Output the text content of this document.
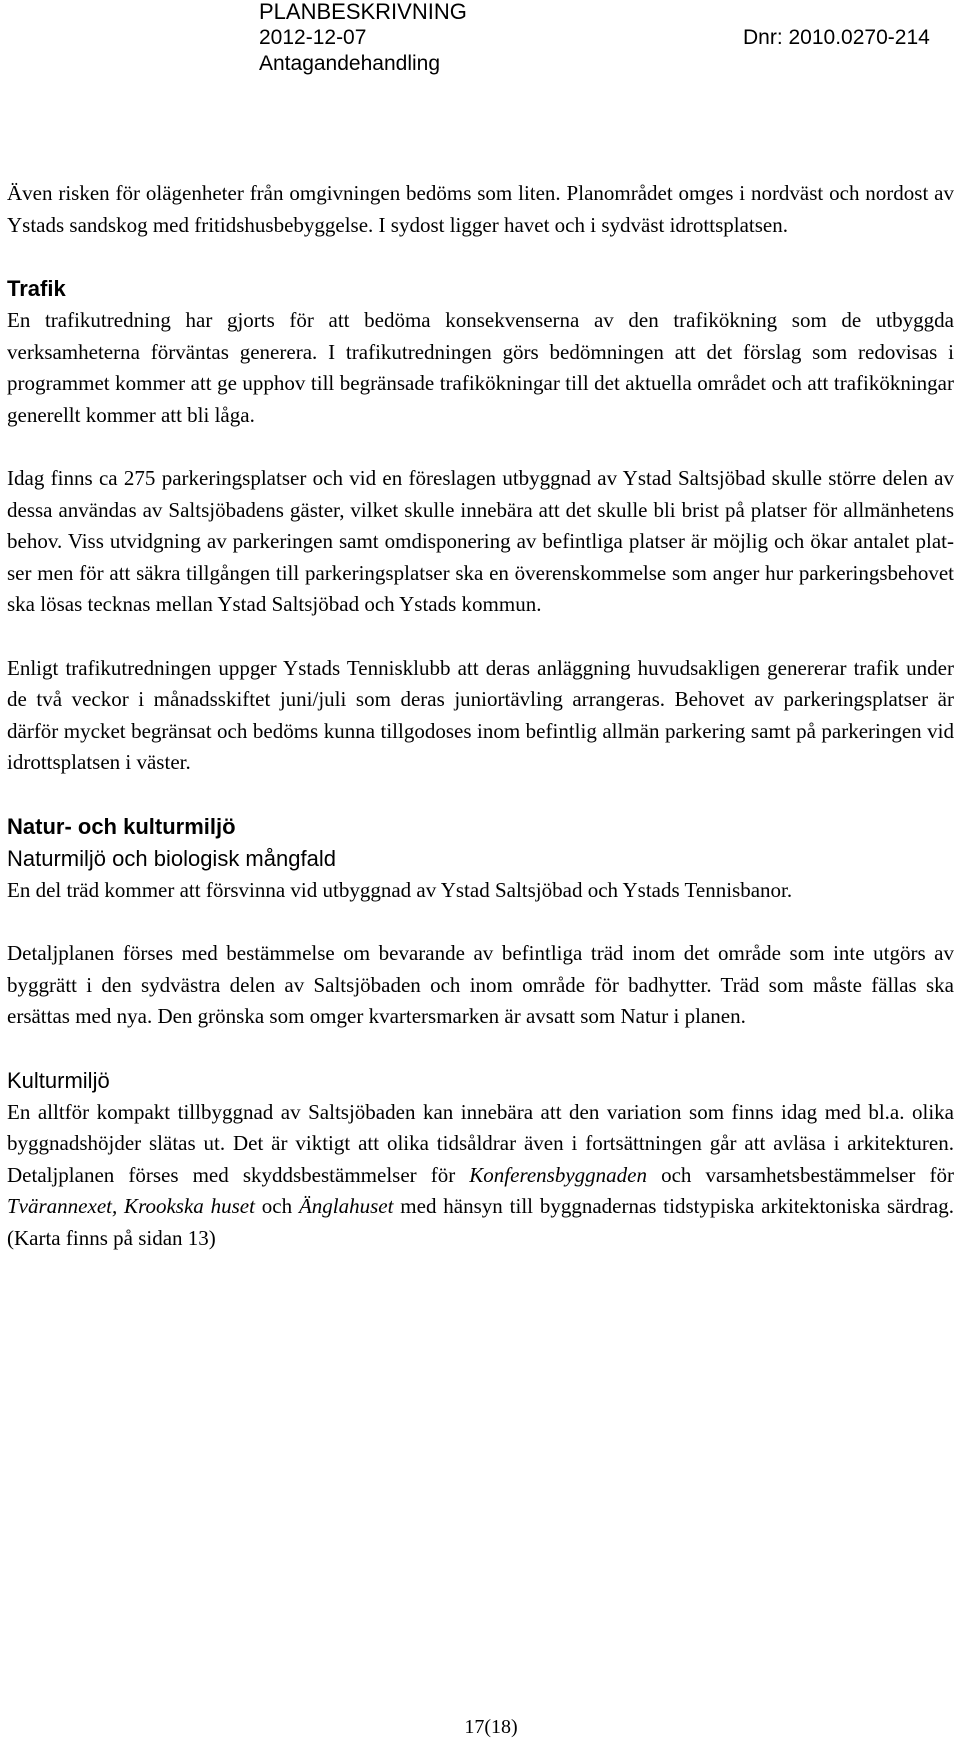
PLANBESKRIVNING
2012-12-07	Dnr: 2010.0270-214
Antagandehandling

Även risken för olägenheter från omgivningen bedöms som liten. Planområdet omges i nordväst och nordost av Ystads sandskog med fritidshusbebyggelse. I sydost ligger havet och i sydväst idrottsplatsen.

Trafik

En trafikutredning har gjorts för att bedöma konsekvenserna av den trafikökning som de utbyggda verksamheterna förväntas generera. I trafikutredningen görs bedömningen att det förslag som redovisas i programmet kommer att ge upphov till begränsade trafikökningar till det aktuella området och att trafikökningar generellt kommer att bli låga.

Idag finns ca 275 parkeringsplatser och vid en föreslagen utbyggnad av Ystad Saltsjöbad skulle större delen av dessa användas av Saltsjöbadens gäster, vilket skulle innebära att det skulle bli brist på platser för allmänhetens behov. Viss utvidgning av parkeringen samt omdisponering av befintliga platser är möjlig och ökar antalet platser men för att säkra tillgången till parkeringsplatser ska en överenskommelse som anger hur parkeringsbehovet ska lösas tecknas mellan Ystad Saltsjöbad och Ystads kommun.

Enligt trafikutredningen uppger Ystads Tennisklubb att deras anläggning huvudsakligen genererar trafik under de två veckor i månadsskiftet juni/juli som deras juniortävling arrangeras. Behovet av parkeringsplatser är därför mycket begränsat och bedöms kunna tillgodoses inom befintlig allmän parkering samt på parkeringen vid idrottsplatsen i väster.

Natur- och kulturmiljö
Naturmiljö och biologisk mångfald

En del träd kommer att försvinna vid utbyggnad av Ystad Saltsjöbad och Ystads Tennisbanor.

Detaljplanen förses med bestämmelse om bevarande av befintliga träd inom det område som inte utgörs av byggrätt i den sydvästra delen av Saltsjöbaden och inom område för badhytter. Träd som måste fällas ska ersättas med nya. Den grönska som omger kvartersmarken är avsatt som Natur i planen.

Kulturmiljö

En alltför kompakt tillbyggnad av Saltsjöbaden kan innebära att den variation som finns idag med bl.a. olika byggnadshöjder slätas ut. Det är viktigt att olika tidsåldrar även i fortsättningen går att avläsa i arkitekturen. Detaljplanen förses med skyddsbestämmelser för Konferensbyggnaden och varsamhetsbestämmelser för Tvärannexet, Krookska huset och Änglahuset med hänsyn till byggnadernas tidstypiska arkitektoniska särdrag. (Karta finns på sidan 13)

17(18)
